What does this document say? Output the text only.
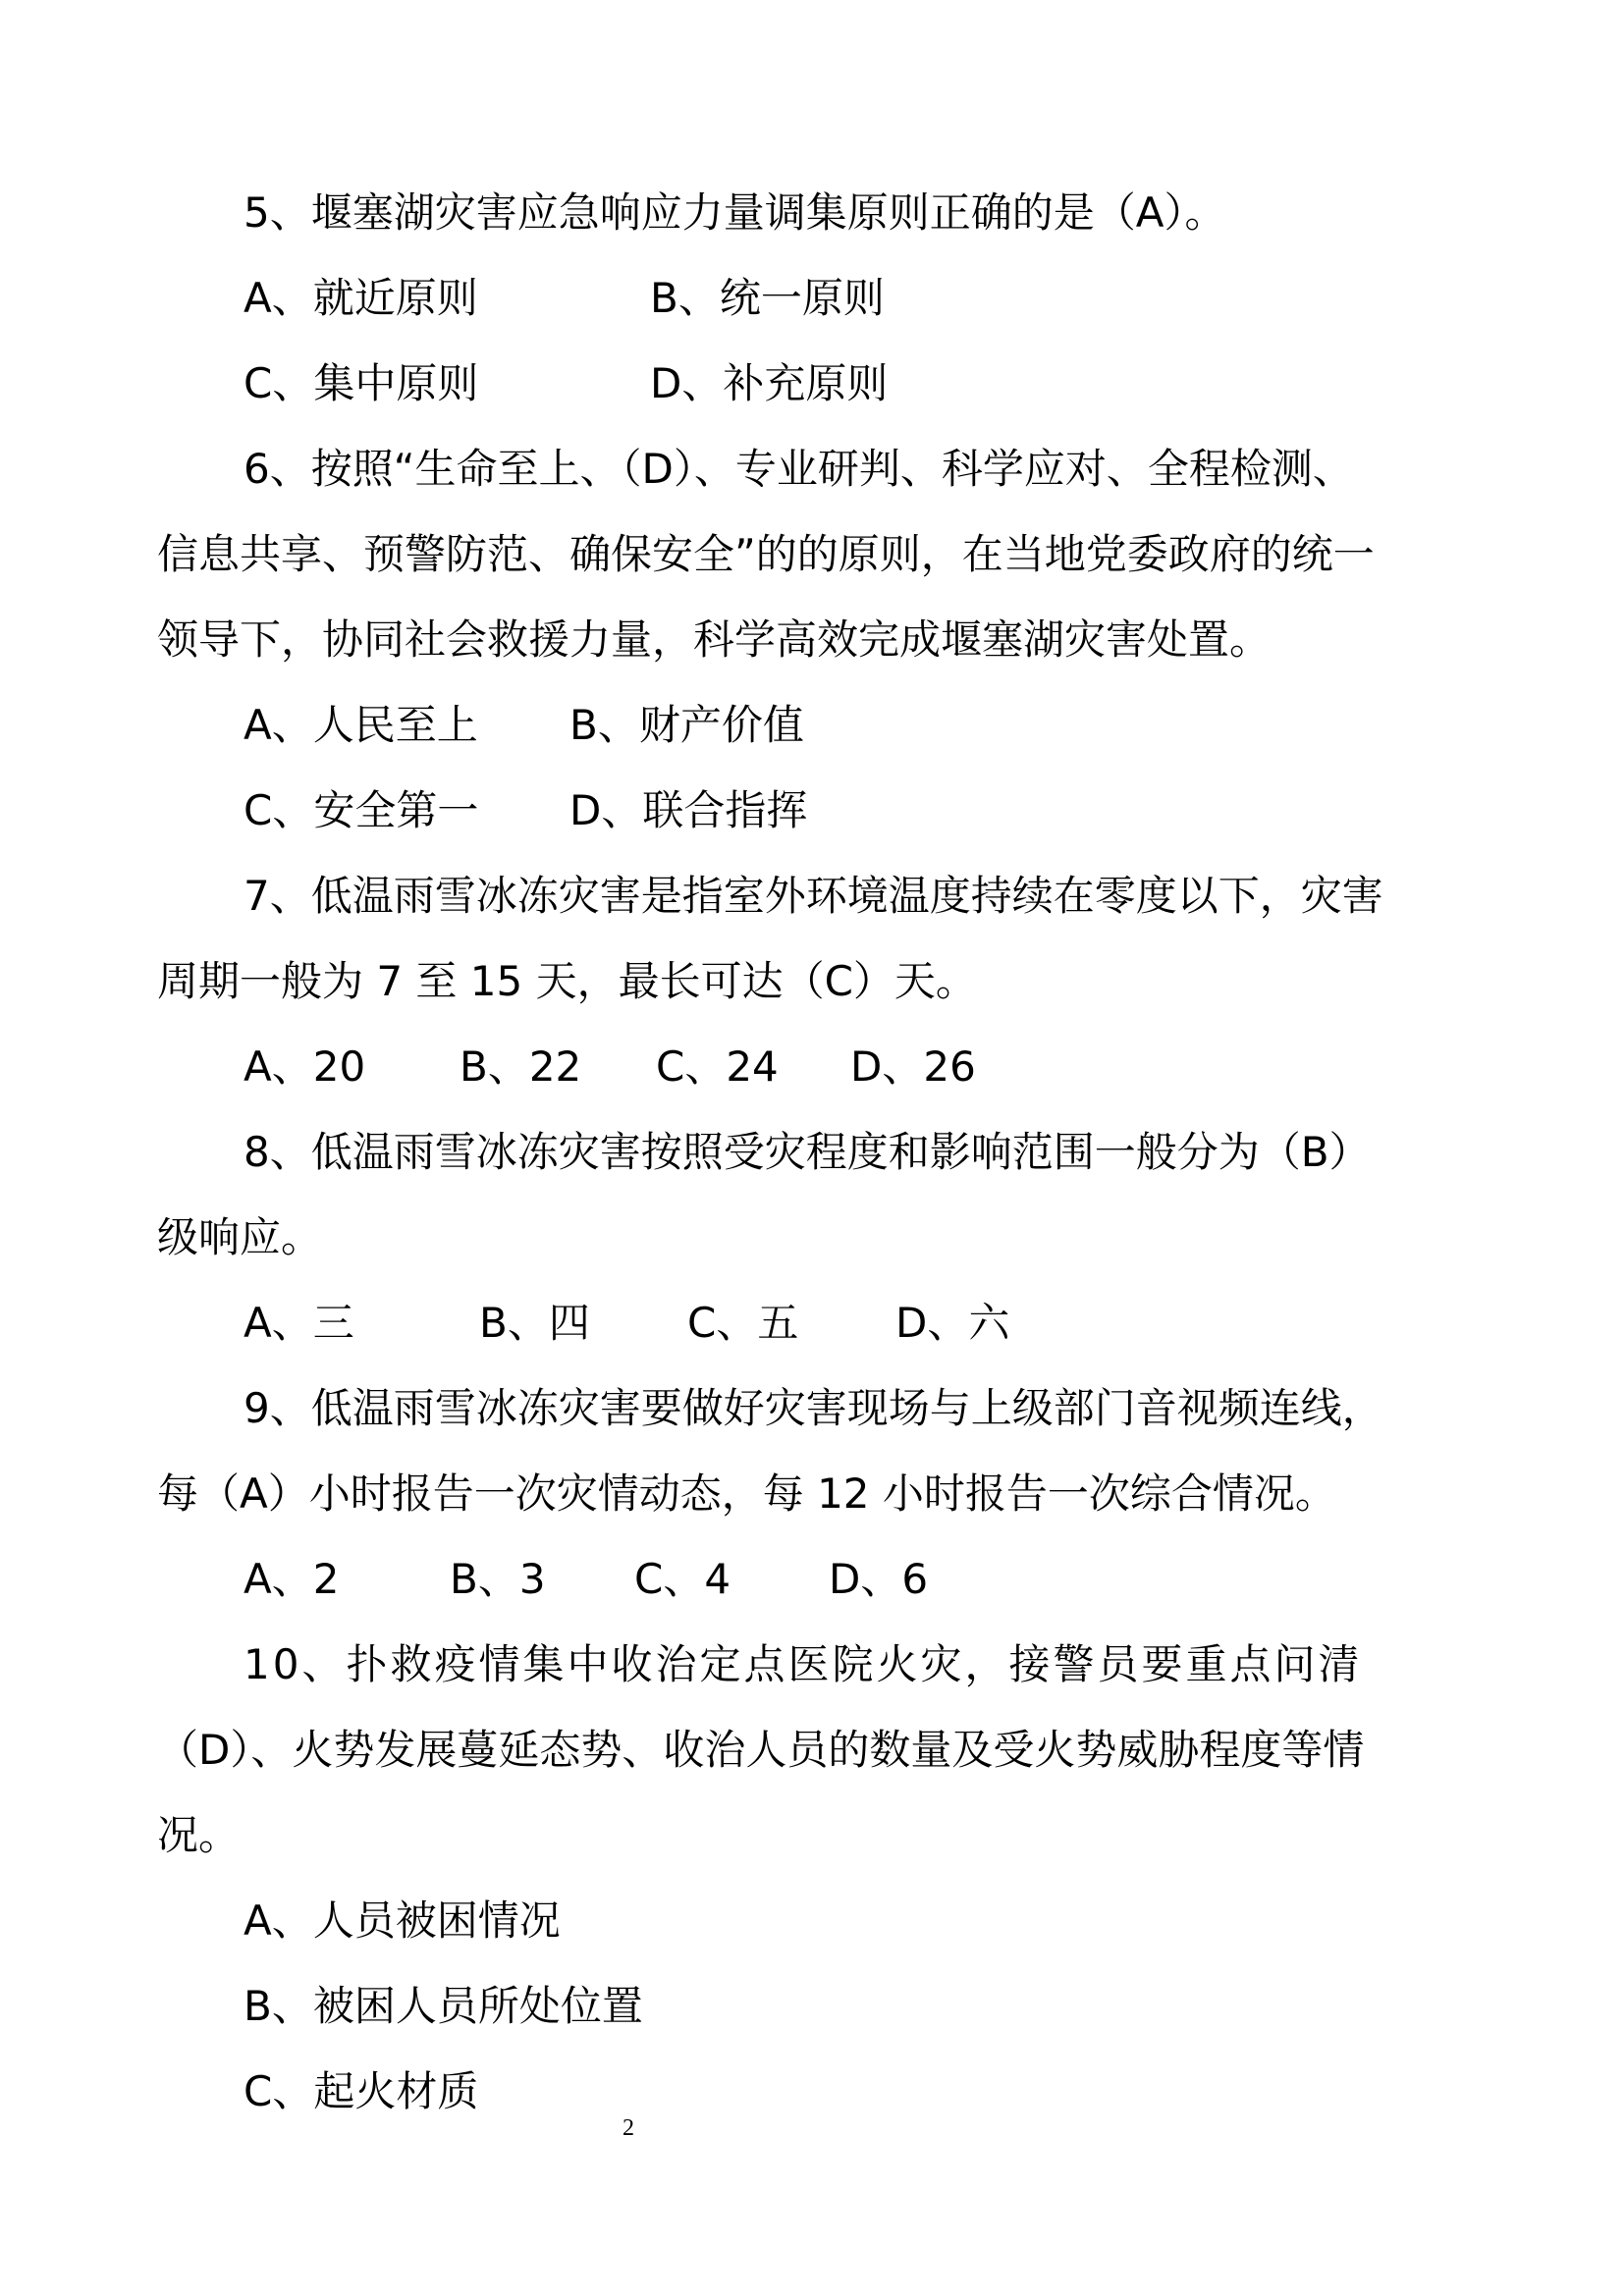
5、堰塞湖灾害应急响应力量调集原则正确的是（A）。
A、就近原则	B、统一原则
C、集中原则	D、补充原则
6、按照“生命至上、（D）、专业研判、科学应对、全程检测、
信息共享、预警防范、确保安全”的的原则，在当地党委政府的统一
领导下，协同社会救援力量，科学高效完成堰塞湖灾害处置。
A、人民至上 B、财产价值
C、安全第一 D、联合指挥
7、低温雨雪冰冻灾害是指室外环境温度持续在零度以下，灾害
周期一般为 7 至 15 天，最长可达（C）天。
A、20 B、22 C、24 D、26
8、低温雨雪冰冻灾害按照受灾程度和影响范围一般分为（B）
级响应。
A、三	B、四 C、五 D、六
9、低温雨雪冰冻灾害要做好灾害现场与上级部门音视频连线，
每（A）小时报告一次灾情动态，每 12 小时报告一次综合情况。
A、2	B、3 C、4 D、6
10、扑救疫情集中收治定点医院火灾，接警员要重点问清
（D）、火势发展蔓延态势、收治人员的数量及受火势威胁程度等情
况。
A、人员被困情况
B、被困人员所处位置
C、起火材质
2
